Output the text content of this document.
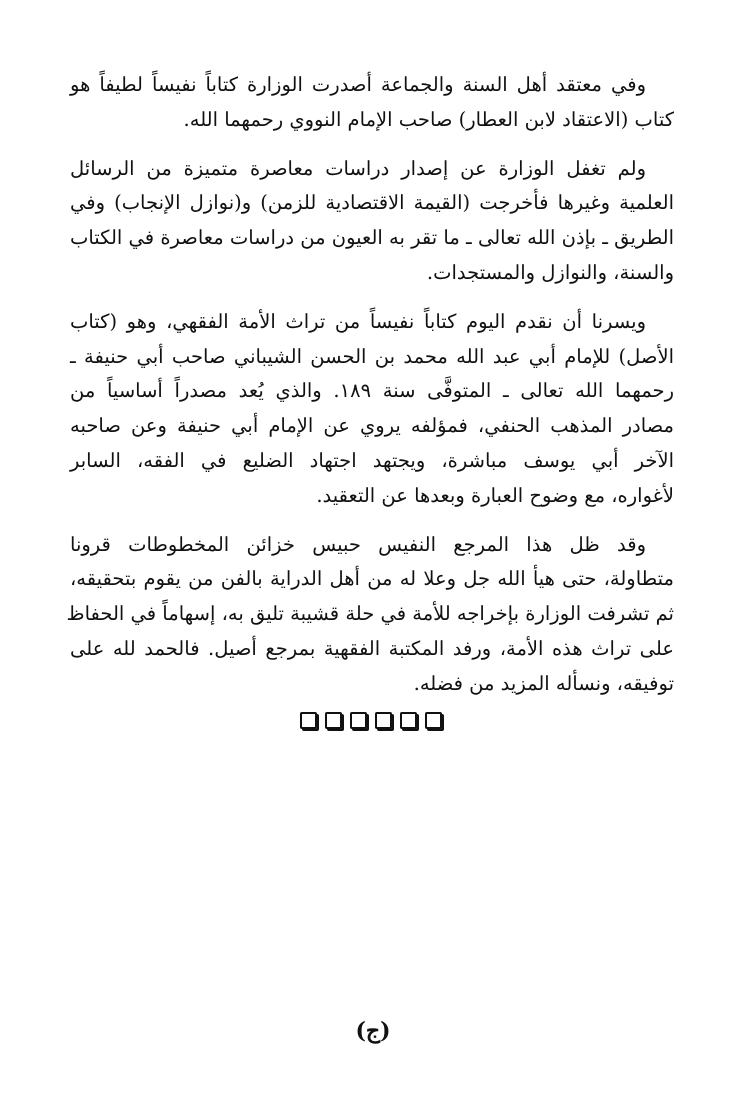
وفي معتقد أهل السنة والجماعة أصدرت الوزارة كتاباً نفيساً لطيفاً هو
كتاب (الاعتقاد لابن العطار) صاحب الإمام النووي رحمهما الله.

ولم تغفل الوزارة عن إصدار دراسات معاصرة متميزة من الرسائل
العلمية وغيرها فأخرجت (القيمة الاقتصادية للزمن) و(نوازل الإنجاب) وفي
الطريق ـ بإذن الله تعالى ـ ما تقر به العيون من دراسات معاصرة في الكتاب
والسنة، والنوازل والمستجدات.

ويسرنا أن نقدم اليوم كتاباً نفيساً من تراث الأمة الفقهي، وهو (كتاب
الأصل) للإمام أبي عبد الله محمد بن الحسن الشيباني صاحب أبي حنيفة ـ
رحمهما الله تعالى ـ المتوفَّى سنة ١٨٩. والذي يُعد مصدراً أساسياً من
مصادر المذهب الحنفي، فمؤلفه يروي عن الإمام أبي حنيفة وعن صاحبه
الآخر أبي يوسف مباشرة، ويجتهد اجتهاد الضليع في الفقه، السابر
لأغواره، مع وضوح العبارة وبعدها عن التعقيد.

وقد ظل هذا المرجع النفيس حبيس خزائن المخطوطات قرونا
متطاولة، حتى هيأ الله جل وعلا له من أهل الدراية بالفن من يقوم بتحقيقه،
ثم تشرفت الوزارة بإخراجه للأمة في حلة قشيبة تليق به، إسهاماً في الحفاظ
على تراث هذه الأمة، ورفد المكتبة الفقهية بمرجع أصيل. فالحمد لله على
توفيقه، ونسأله المزيد من فضله.

(ج)
